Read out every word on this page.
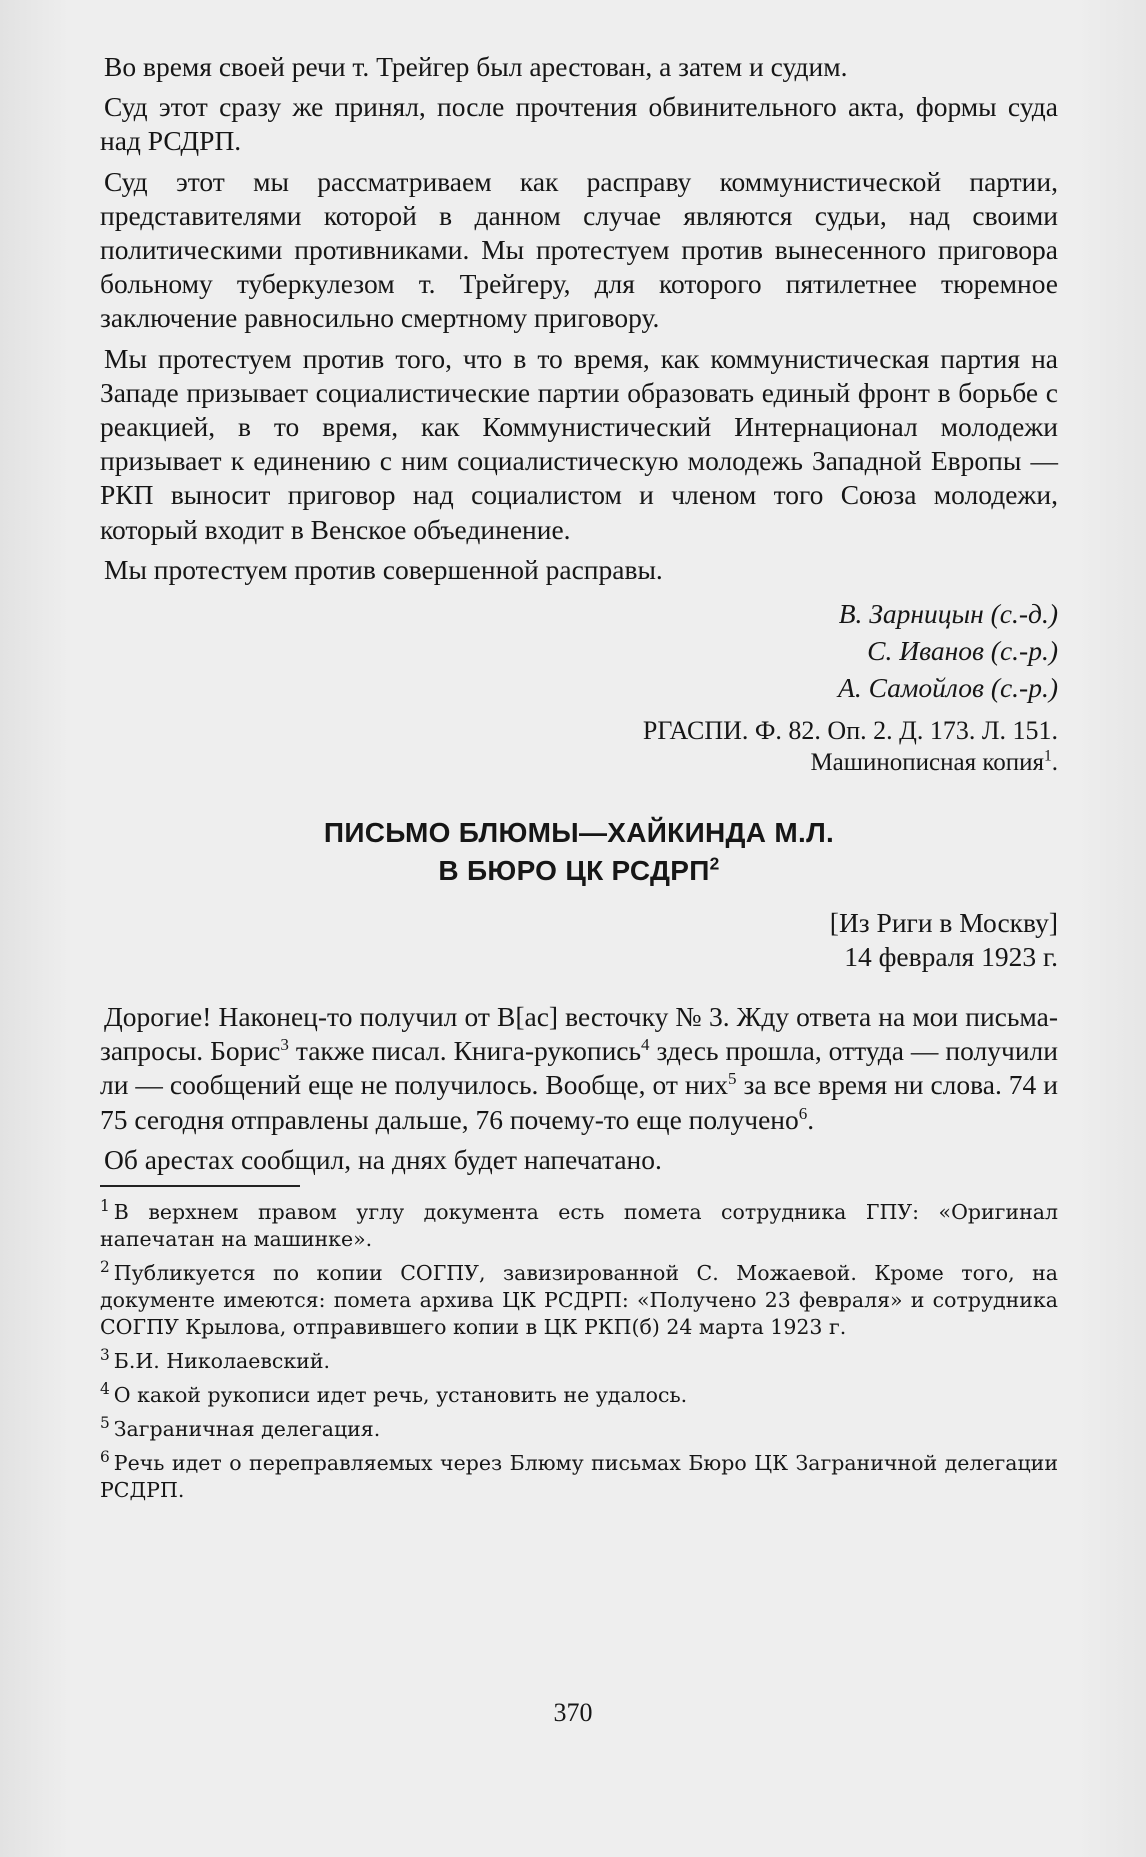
Во время своей речи т. Трейгер был арестован, а затем и судим.

Суд этот сразу же принял, после прочтения обвинительного акта, формы суда над РСДРП.

Суд этот мы рассматриваем как расправу коммунистической партии, представителями которой в данном случае являются судьи, над своими политическими противниками. Мы протестуем против вынесенного приговора больному туберкулезом т. Трейгеру, для которого пятилетнее тюремное заключение равносильно смертному приговору.

Мы протестуем против того, что в то время, как коммунистическая партия на Западе призывает социалистические партии образовать единый фронт в борьбе с реакцией, в то время, как Коммунистический Интернационал молодежи призывает к единению с ним социалистическую молодежь Западной Европы — РКП выносит приговор над социалистом и членом того Союза молодежи, который входит в Венское объединение.

Мы протестуем против совершенной расправы.

В. Зарницын (с.-д.)
С. Иванов (с.-р.)
А. Самойлов (с.-р.)
РГАСПИ. Ф. 82. Оп. 2. Д. 173. Л. 151.
Машинописная копия$^1$.
ПИСЬМО БЛЮМЫ—ХАЙКИНДА М.Л.
В БЮРО ЦК РСДРП$^2$
[Из Риги в Москву]
14 февраля 1923 г.

Дорогие! Наконец-то получил от В[ас] весточку № 3. Жду ответа на мои письма-запросы. Борис$^3$ также писал. Книга-рукопись$^4$ здесь прошла, оттуда — получили ли — сообщений еще не получилось. Вообще, от них$^5$ за все время ни слова. 74 и 75 сегодня отправлены дальше, 76 почему-то еще получено$^6$.

Об арестах сообщил, на днях будет напечатано.

$^1$ В верхнем правом углу документа есть помета сотрудника ГПУ: «Оригинал напечатан на машинке».

$^2$ Публикуется по копии СОГПУ, завизированной С. Можаевой. Кроме того, на документе имеются: помета архива ЦК РСДРП: «Получено 23 февраля» и сотрудника СОГПУ Крылова, отправившего копии в ЦК РКП(б) 24 марта 1923 г.

$^3$ Б.И. Николаевский.

$^4$ О какой рукописи идет речь, установить не удалось.

$^5$ Заграничная делегация.

$^6$ Речь идет о переправляемых через Блюму письмах Бюро ЦК Заграничной делегации РСДРП.

370
